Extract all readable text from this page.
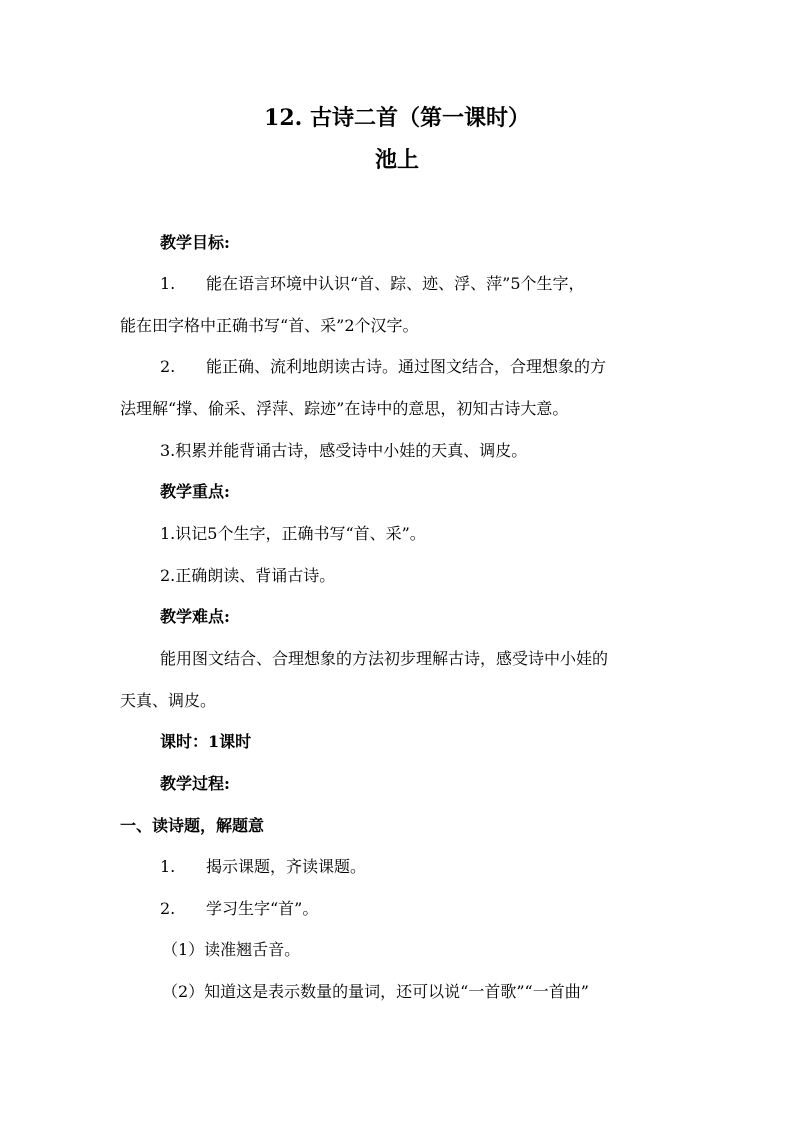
12. 古诗二首（第一课时）
池上
教学目标:
1. 能在语言环境中认识“首、踪、迹、浮、萍”5个生字，
能在田字格中正确书写“首、采”2个汉字。
2. 能正确、流利地朗读古诗。通过图文结合，合理想象的方
法理解“撑、偷采、浮萍、踪迹”在诗中的意思，初知古诗大意。
3.积累并能背诵古诗，感受诗中小娃的天真、调皮。
教学重点:
1.识记5个生字，正确书写“首、采”。
2.正确朗读、背诵古诗。
教学难点:
能用图文结合、合理想象的方法初步理解古诗，感受诗中小娃的
天真、调皮。
课时：1课时
教学过程:
一、读诗题，解题意
1. 揭示课题，齐读课题。
2. 学习生字“首”。
（1）读准翘舌音。
（2）知道这是表示数量的量词，还可以说“一首歌”“一首曲”
